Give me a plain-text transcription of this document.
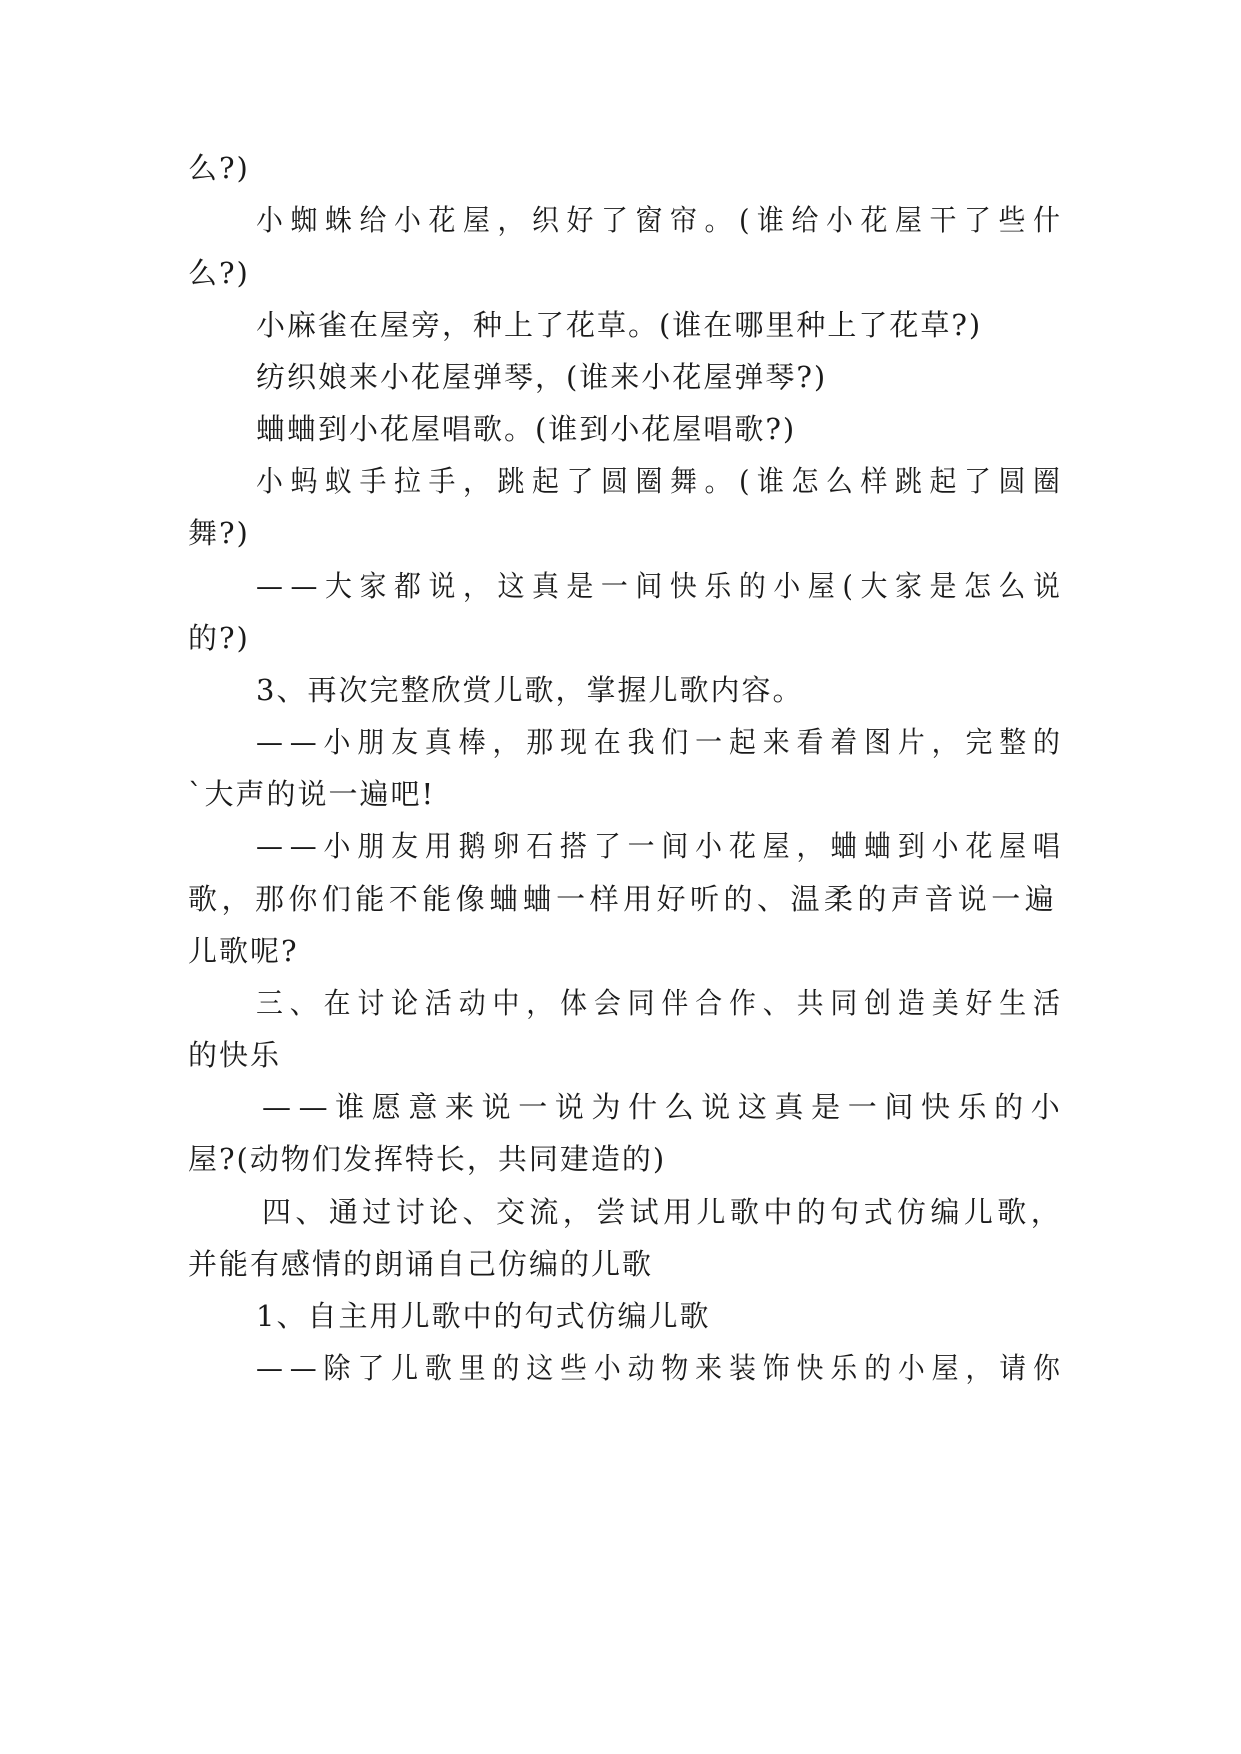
么?)
小 蜘 蛛 给 小 花 屋 ， 织 好 了 窗 帘 。 ( 谁 给 小 花 屋 干 了 些 什
么?)
小麻雀在屋旁，种上了花草。(谁在哪里种上了花草?)
纺织娘来小花屋弹琴，(谁来小花屋弹琴?)
蛐蛐到小花屋唱歌。(谁到小花屋唱歌?)
小 蚂 蚁 手 拉 手 ， 跳 起 了 圆 圈 舞 。 ( 谁 怎 么 样 跳 起 了 圆 圈
舞?)
— — 大 家 都 说 ， 这 真 是 一 间 快 乐 的 小 屋 ( 大 家 是 怎 么 说
的?)
3、再次完整欣赏儿歌，掌握儿歌内容。
— — 小 朋 友 真 棒 ， 那 现 在 我 们 一 起 来 看 着 图 片 ， 完 整 的
`大声的说一遍吧!
— — 小 朋 友 用 鹅 卵 石 搭 了 一 间 小 花 屋 ， 蛐 蛐 到 小 花 屋 唱
歌 ， 那 你 们 能 不 能 像 蛐 蛐 一 样 用 好 听 的 、 温 柔 的 声 音 说 一 遍
儿歌呢?
三 、 在 讨 论 活 动 中 ， 体 会 同 伴 合 作 、 共 同 创 造 美 好 生 活
的快乐
— — 谁 愿 意 来 说 一 说 为 什 么 说 这 真 是 一 间 快 乐 的 小
屋?(动物们发挥特长，共同建造的)
四 、 通 过 讨 论 、 交 流 ， 尝 试 用 儿 歌 中 的 句 式 仿 编 儿 歌 ，
并能有感情的朗诵自己仿编的儿歌
1、自主用儿歌中的句式仿编儿歌
— — 除 了 儿 歌 里 的 这 些 小 动 物 来 装 饰 快 乐 的 小 屋 ， 请 你
